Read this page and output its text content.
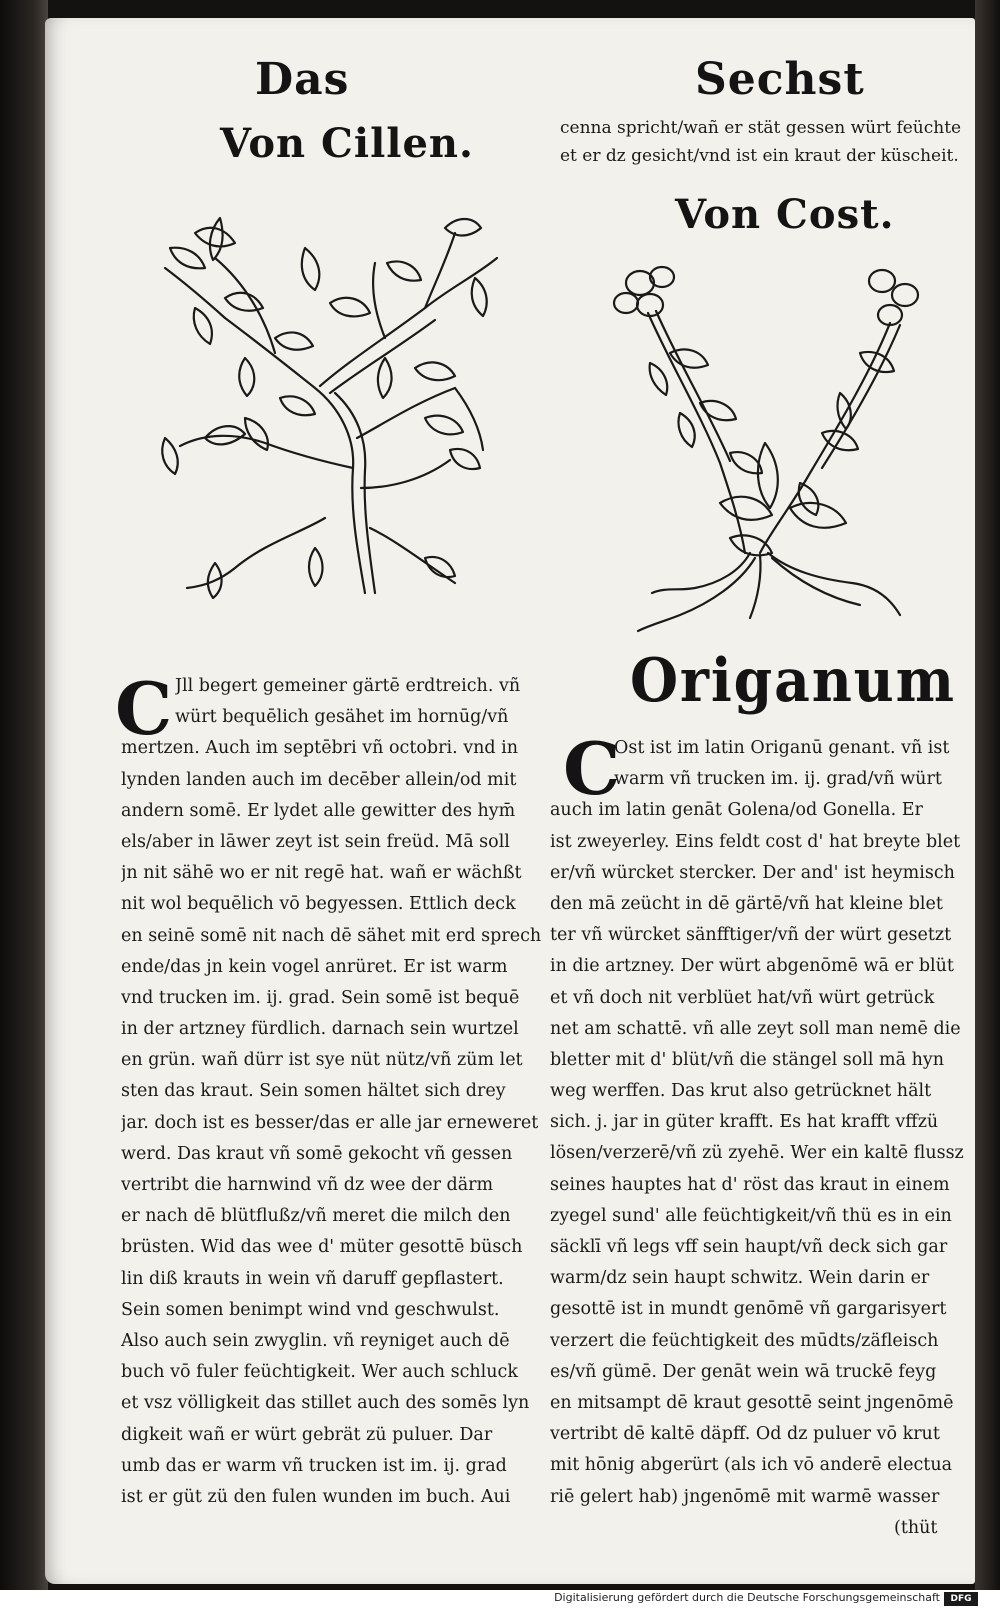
Das	Sechst
Von Cillen.	cenna spricht/wañ er stät gessen würt feüchte
et er dz gesicht/vnd ist ein kraut der küscheit.
Von Cost.
Origanum

C Jll begert gemeiner gärtē erdtreich. vñ
würt bequēlich gesähet im hornūg/vñ
mertzen. Auch im septēbri vñ octobri. vnd in
lynden landen auch im decēber allein/od mit
andern somē. Er lydet alle gewitter des hym̄
els/aber in lāwer zeyt ist sein freüd. Mā soll
jn nit sähē wo er nit regē hat. wañ er wächßt
nit wol bequēlich vō begyessen. Ettlich deck
en seinē somē nit nach dē sähet mit erd sprech
ende/das jn kein vogel anrüret. Er ist warm
vnd trucken im. ij. grad. Sein somē ist bequē
in der artzney fürdlich. darnach sein wurtzel
en grün. wañ dürr ist sye nüt nütz/vñ züm let
sten das kraut. Sein somen hältet sich drey
jar. doch ist es besser/das er alle jar erneweret
werd. Das kraut vñ somē gekocht vñ gessen
vertribt die harnwind vñ dz wee der därm
er nach dē blütflußz/vñ meret die milch den
brüsten. Wid das wee d' müter gesottē büsch
lin diß krauts in wein vñ daruff gepflastert.
Sein somen benimpt wind vnd geschwulst.
Also auch sein zwyglin. vñ reyniget auch dē
buch vō fuler feüchtigkeit. Wer auch schluck
et vsz völligkeit das stillet auch des somēs lyn
digkeit wañ er würt gebrät zü puluer. Dar
umb das er warm vñ trucken ist im. ij. grad
ist er güt zü den fulen wunden im buch. Aui

C

Ost ist im latin Origanū genant. vñ ist
warm vñ trucken im. ij. grad/vñ würt
auch im latin genāt Golena/od Gonella. Er
ist zweyerley. Eins feldt cost d' hat breyte blet
er/vñ würcket stercker. Der and' ist heymisch
den mā zeücht in dē gärtē/vñ hat kleine blet
ter vñ würcket sänfftiger/vñ der würt gesetzt
in die artzney. Der würt abgenōmē wā er blüt
et vñ doch nit verblüet hat/vñ würt getrück
net am schattē. vñ alle zeyt soll man nemē die
bletter mit d' blüt/vñ die stängel soll mā hyn
weg werffen. Das krut also getrücknet hält
sich. j. jar in güter krafft. Es hat krafft vffzü
lösen/verzerē/vñ zü zyehē. Wer ein kaltē flussz
seines hauptes hat d' röst das kraut in einem
zyegel sund' alle feüchtigkeit/vñ thü es in ein
säcklī vñ legs vff sein haupt/vñ deck sich gar
warm/dz sein haupt schwitz. Wein darin er
gesottē ist in mundt genōmē vñ gargarisyert
verzert die feüchtigkeit des mūdts/zäfleisch
es/vñ gümē. Der genāt wein wā truckē feyg
en mitsampt dē kraut gesottē seint jngenōmē
vertribt dē kaltē däpff. Od dz puluer vō krut
mit hōnig abgerürt (als ich vō anderē electua
riē gelert hab) jngenōmē mit warmē wasser
(thüt

Digitalisierung gefördert durch die Deutsche Forschungsgemeinschaft	DFG
